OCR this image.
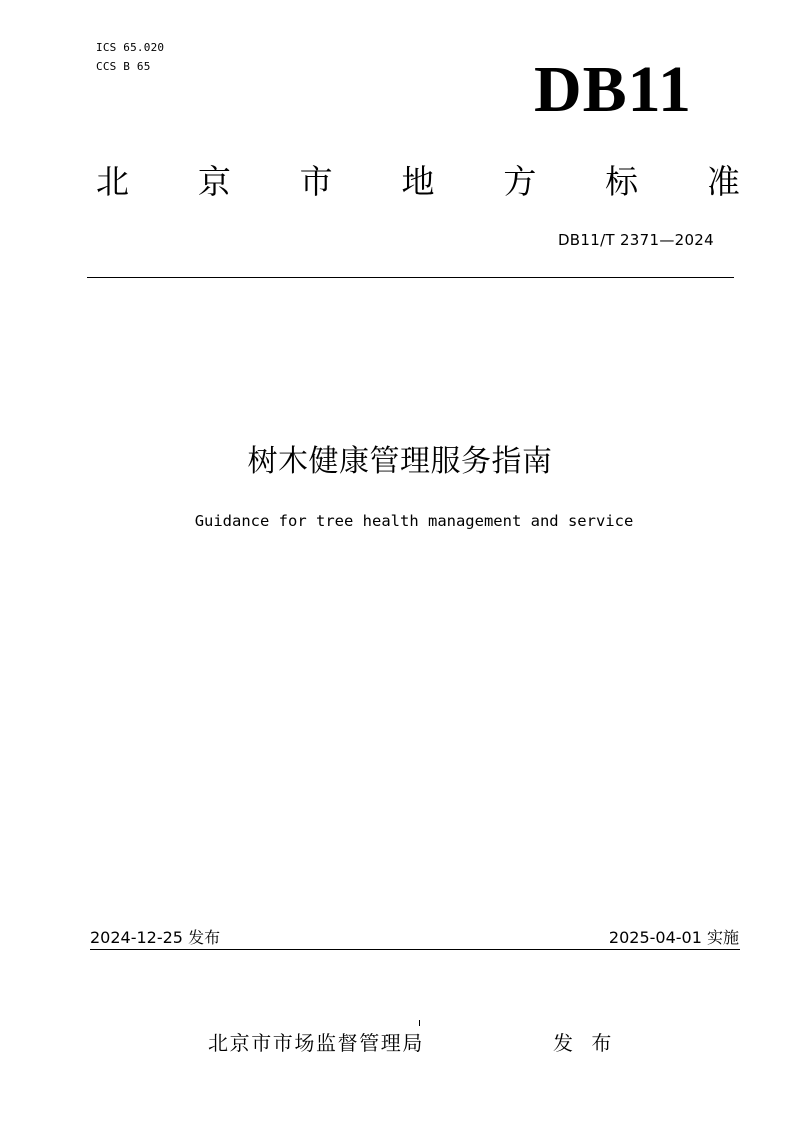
ICS 65.020
CCS B 65	DB11
北 京 市 地 方 标 准
DB11/T 2371—2024
树木健康管理服务指南
Guidance for tree health management and service
2024-12-25 发布	2025-04-01 实施
北京市市场监督管理局	发 布
